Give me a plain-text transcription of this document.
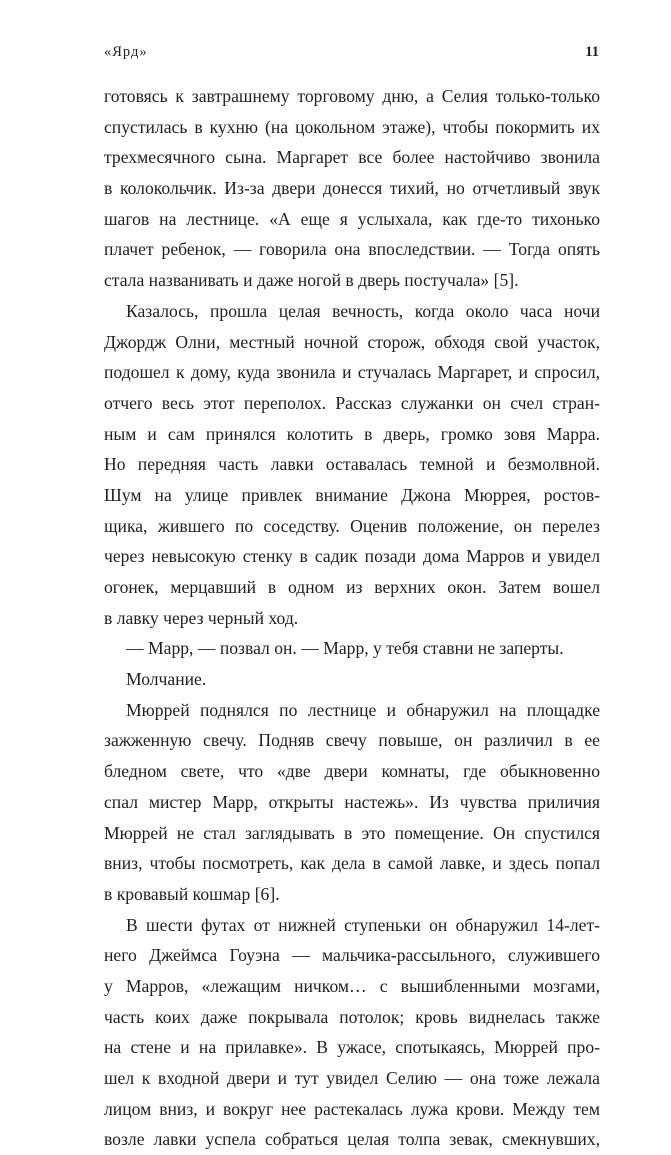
«Ярд»	11
готовясь к завтрашнему торговому дню, а Селия только-только
спустилась в кухню (на цокольном этаже), чтобы покормить их
трехмесячного сына. Маргарет все более настойчиво звонила
в колокольчик. Из-за двери донесся тихий, но отчетливый звук
шагов на лестнице. «А еще я услыхала, как где-то тихонько
плачет ребенок, — говорила она впоследствии. — Тогда опять
стала названивать и даже ногой в дверь постучала» [5].
Казалось, прошла целая вечность, когда около часа ночи
Джордж Олни, местный ночной сторож, обходя свой участок,
подошел к дому, куда звонила и стучалась Маргарет, и спросил,
отчего весь этот переполох. Рассказ служанки он счел стран-
ным и сам принялся колотить в дверь, громко зовя Марра.
Но передняя часть лавки оставалась темной и безмолвной.
Шум на улице привлек внимание Джона Мюррея, ростов-
щика, жившего по соседству. Оценив положение, он перелез
через невысокую стенку в садик позади дома Марров и увидел
огонек, мерцавший в одном из верхних окон. Затем вошел
в лавку через черный ход.
— Марр, — позвал он. — Марр, у тебя ставни не заперты.
Молчание.
Мюррей поднялся по лестнице и обнаружил на площадке
зажженную свечу. Подняв свечу повыше, он различил в ее
бледном свете, что «две двери комнаты, где обыкновенно
спал мистер Марр, открыты настежь». Из чувства приличия
Мюррей не стал заглядывать в это помещение. Он спустился
вниз, чтобы посмотреть, как дела в самой лавке, и здесь попал
в кровавый кошмар [6].
В шести футах от нижней ступеньки он обнаружил 14-лет-
него Джеймса Гоуэна — мальчика-рассыльного, служившего
у Марров, «лежащим ничком… с вышибленными мозгами,
часть коих даже покрывала потолок; кровь виднелась также
на стене и на прилавке». В ужасе, спотыкаясь, Мюррей про-
шел к входной двери и тут увидел Селию — она тоже лежала
лицом вниз, и вокруг нее растекалась лужа крови. Между тем
возле лавки успела собраться целая толпа зевак, смекнувших,
